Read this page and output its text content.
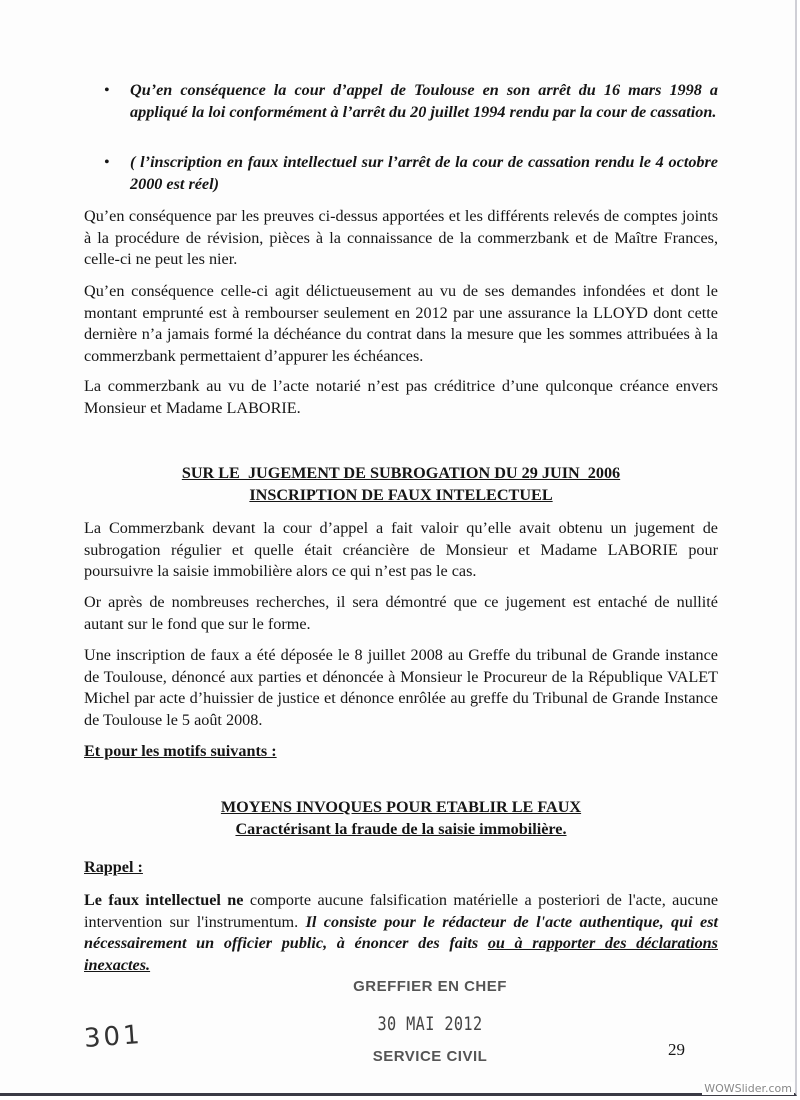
• Qu’en conséquence la cour d’appel de Toulouse en son arrêt du 16 mars 1998 a appliqué la loi conformément à l’arrêt du 20 juillet 1994 rendu par la cour de cassation.
• ( l’inscription en faux intellectuel sur l’arrêt de la cour de cassation rendu le 4 octobre 2000 est réel)
Qu’en conséquence par les preuves ci-dessus apportées et les différents relevés de comptes joints à la procédure de révision, pièces à la connaissance de la commerzbank et de Maître Frances, celle-ci ne peut les nier.
Qu’en conséquence celle-ci agit délictueusement au vu de ses demandes infondées et dont le montant emprunté est à rembourser seulement en 2012 par une assurance la LLOYD dont cette dernière n’a jamais formé la déchéance du contrat dans la mesure que les sommes attribuées à la commerzbank permettaient d’appurer les échéances.
La commerzbank au vu de l’acte notarié n’est pas créditrice d’une qulconque créance envers Monsieur et Madame LABORIE.
SUR LE  JUGEMENT DE SUBROGATION DU 29 JUIN  2006
INSCRIPTION DE FAUX INTELECTUEL
La Commerzbank devant la cour d’appel a fait valoir qu’elle avait obtenu un jugement de subrogation régulier et quelle était créancière de Monsieur et Madame LABORIE pour poursuivre la saisie immobilière alors ce qui n’est pas le cas.
Or après de nombreuses recherches, il sera démontré que ce jugement est entaché de nullité autant sur le fond que sur le forme.
Une inscription de faux a été déposée le 8 juillet 2008 au Greffe du tribunal de Grande instance de Toulouse, dénoncé aux parties et dénoncée à Monsieur le Procureur de la République VALET Michel par acte d’huissier de justice et dénonce enrôlée au greffe du Tribunal de Grande Instance de Toulouse le 5 août 2008.
Et pour les motifs suivants :
MOYENS INVOQUES POUR ETABLIR LE FAUX
Caractérisant la fraude de la saisie immobilière.
Rappel :
Le faux intellectuel ne comporte aucune falsification matérielle a posteriori de l'acte, aucune intervention sur l'instrumentum. Il consiste pour le rédacteur de l'acte authentique, qui est nécessairement un officier public, à énoncer des faits ou à rapporter des déclarations inexactes.
GREFFIER EN CHEF
30 MAI 2012
SERVICE CIVIL
301	29
WOWSlider.com
